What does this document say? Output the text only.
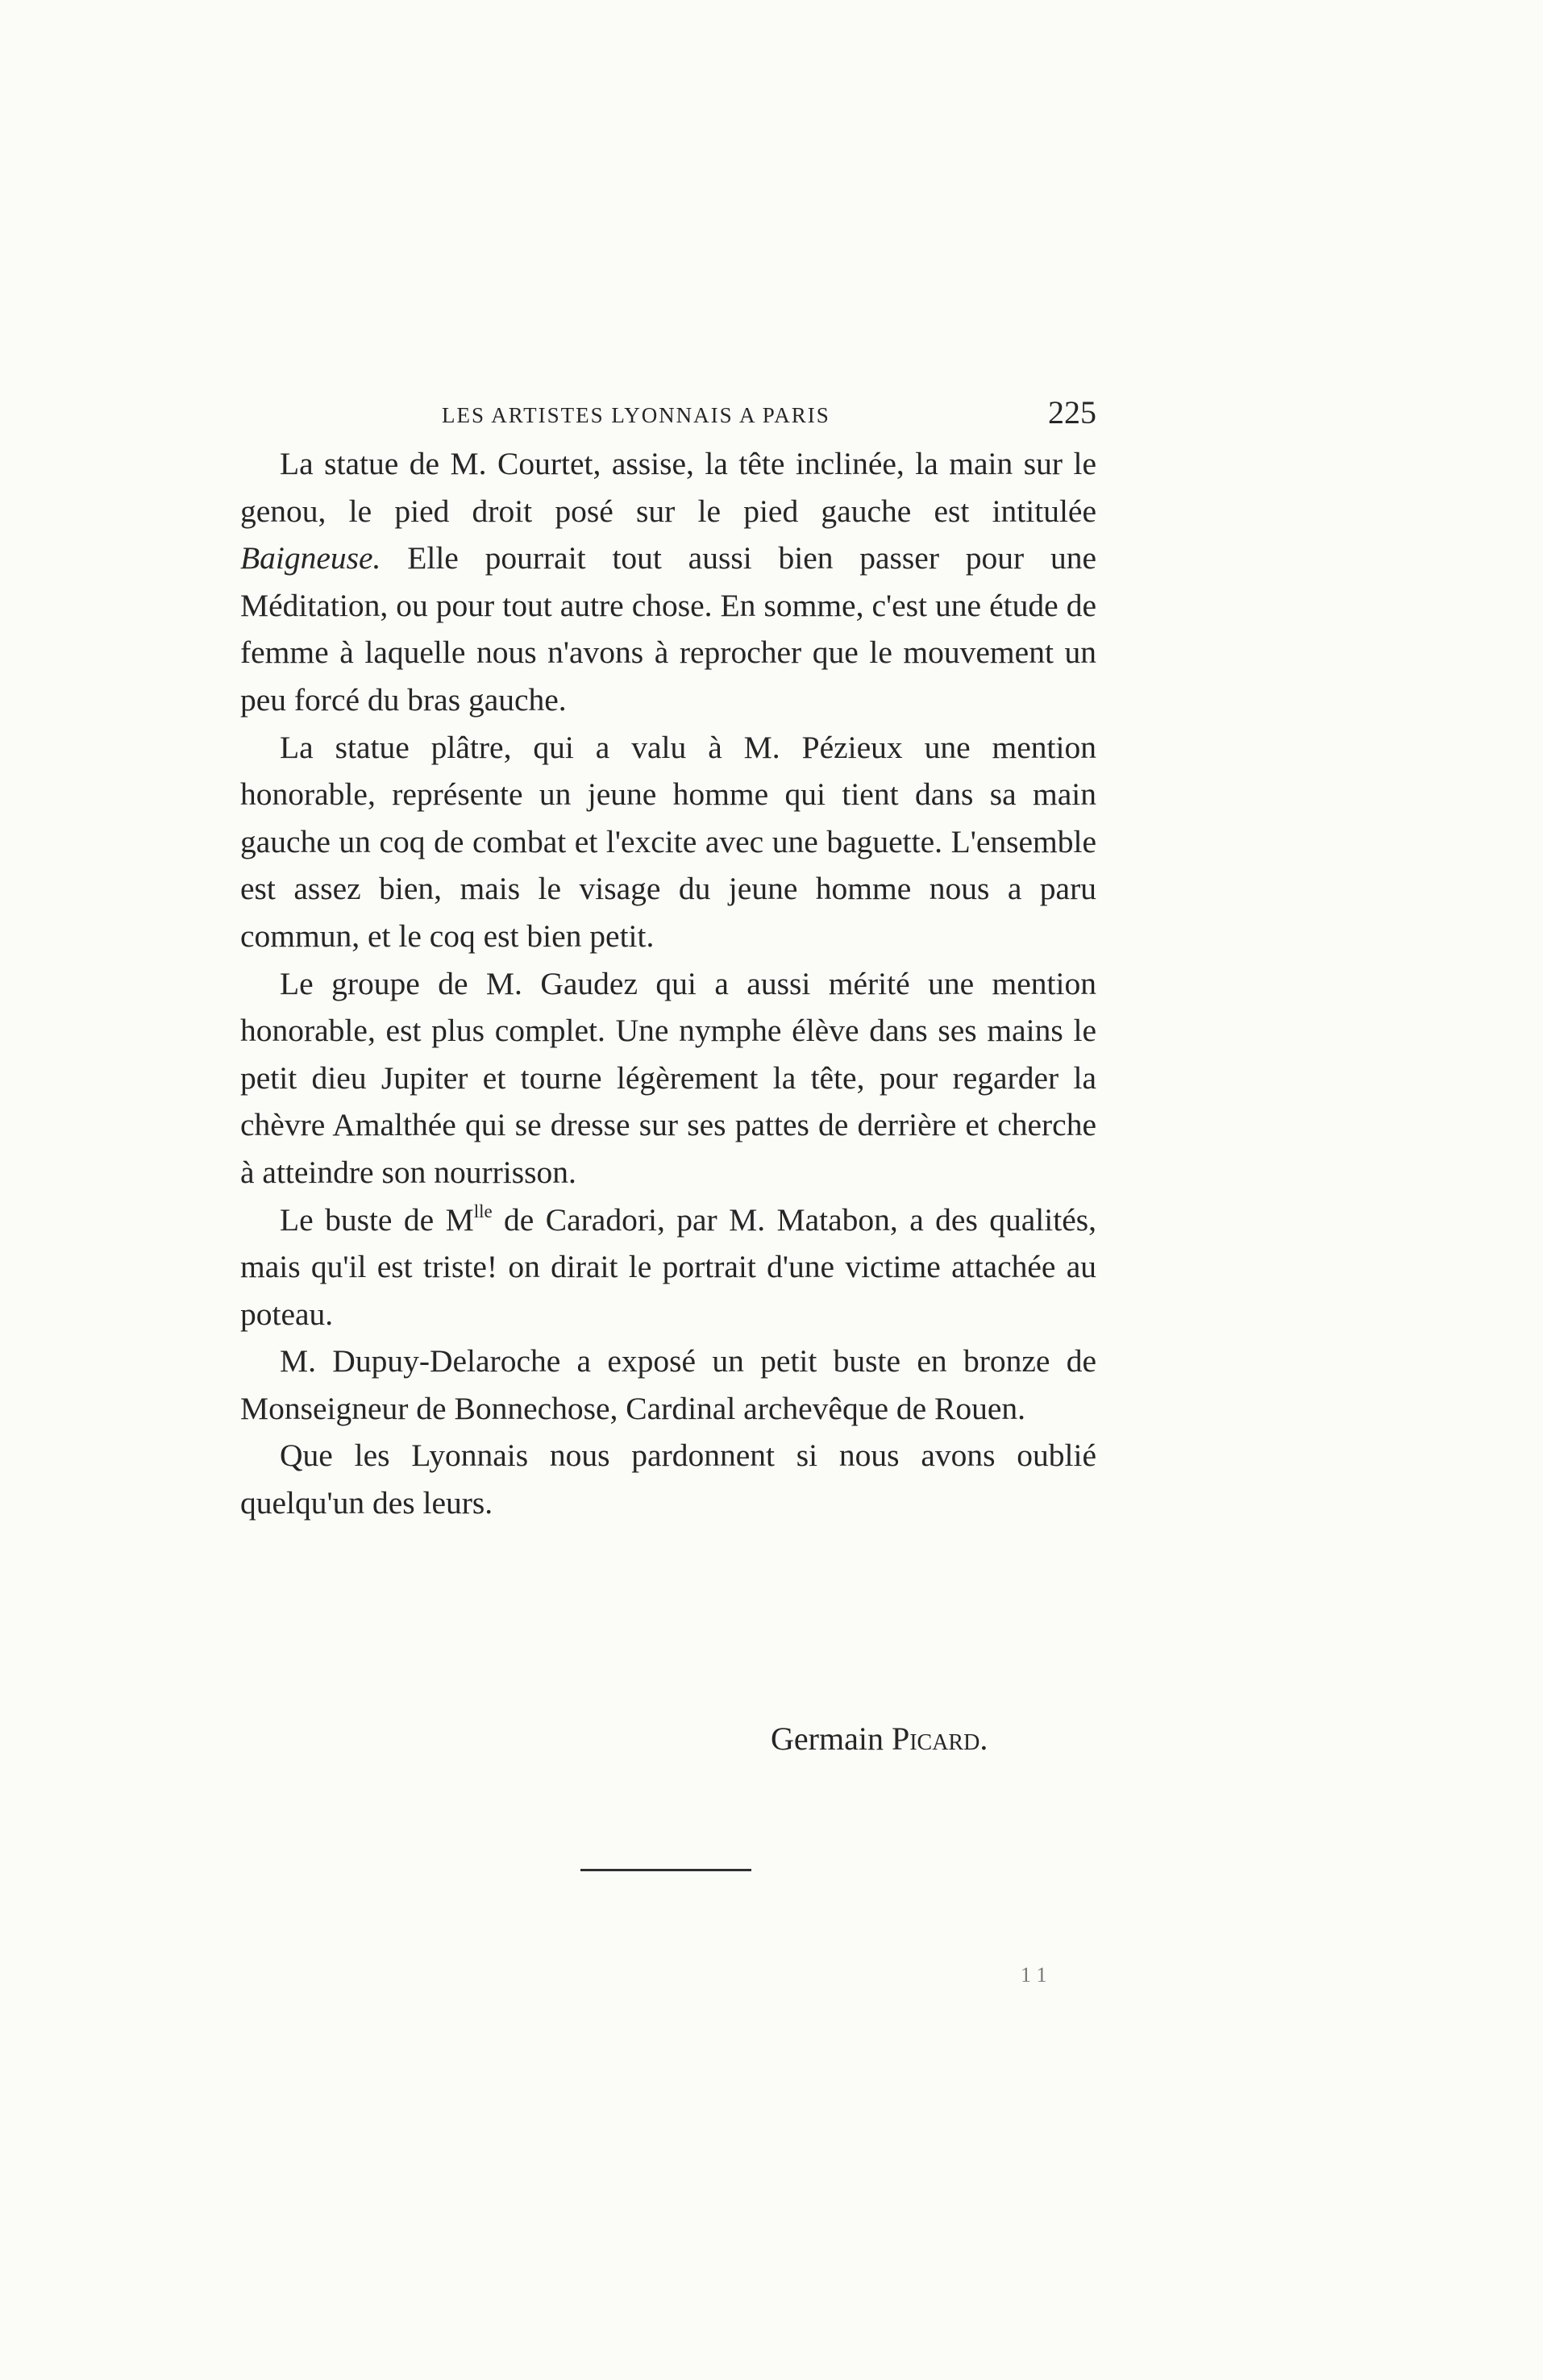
LES ARTISTES LYONNAIS A PARIS	225

La statue de M. Courtet, assise, la tête inclinée, la main sur le genou, le pied droit posé sur le pied gauche est intitulée Baigneuse. Elle pourrait tout aussi bien passer pour une Méditation, ou pour tout autre chose. En somme, c'est une étude de femme à laquelle nous n'avons à reprocher que le mouvement un peu forcé du bras gauche.

La statue plâtre, qui a valu à M. Pézieux une mention honorable, représente un jeune homme qui tient dans sa main gauche un coq de combat et l'excite avec une baguette. L'ensemble est assez bien, mais le visage du jeune homme nous a paru commun, et le coq est bien petit.

Le groupe de M. Gaudez qui a aussi mérité une mention honorable, est plus complet. Une nymphe élève dans ses mains le petit dieu Jupiter et tourne légèrement la tête, pour regarder la chèvre Amalthée qui se dresse sur ses pattes de derrière et cherche à atteindre son nourrisson.

Le buste de $M^{lle}$ de Caradori, par M. Matabon, a des qualités, mais qu'il est triste! on dirait le portrait d'une victime attachée au poteau.

M. Dupuy-Delaroche a exposé un petit buste en bronze de Monseigneur de Bonnechose, Cardinal archevêque de Rouen.

Que les Lyonnais nous pardonnent si nous avons oublié quelqu'un des leurs.

Germain Picard.
1 1
